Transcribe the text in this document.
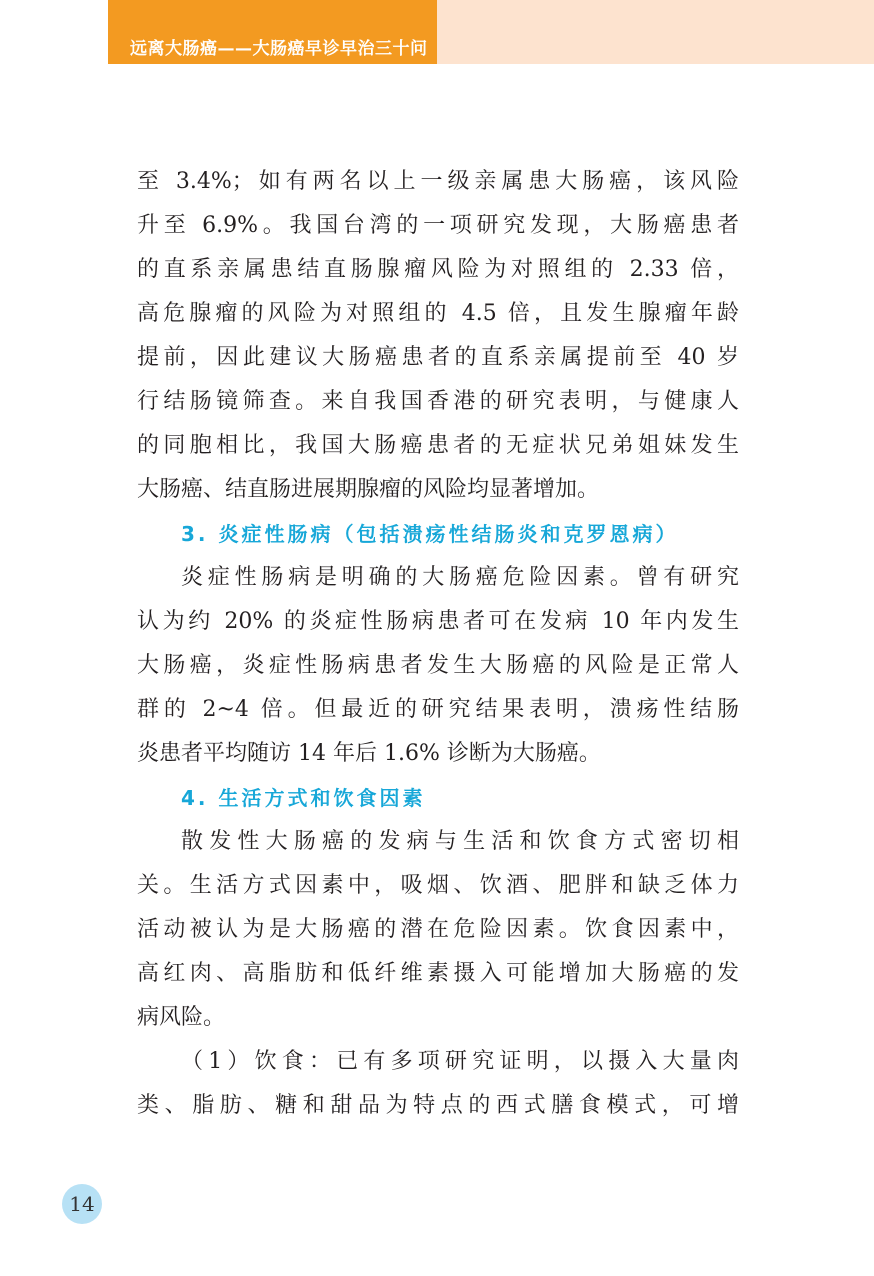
远离大肠癌——大肠癌早诊早治三十问
至 3.4%；如有两名以上一级亲属患大肠癌，该风险
升至 6.9%。我国台湾的一项研究发现，大肠癌患者
的直系亲属患结直肠腺瘤风险为对照组的 2.33 倍，
高危腺瘤的风险为对照组的 4.5 倍，且发生腺瘤年龄
提前，因此建议大肠癌患者的直系亲属提前至 40 岁
行结肠镜筛查。来自我国香港的研究表明，与健康人
的同胞相比，我国大肠癌患者的无症状兄弟姐妹发生
大肠癌、结直肠进展期腺瘤的风险均显著增加。
3. 炎症性肠病（包括溃疡性结肠炎和克罗恩病）
炎症性肠病是明确的大肠癌危险因素。曾有研究
认为约 20% 的炎症性肠病患者可在发病 10 年内发生
大肠癌，炎症性肠病患者发生大肠癌的风险是正常人
群的 2~4 倍。但最近的研究结果表明，溃疡性结肠
炎患者平均随访 14 年后 1.6% 诊断为大肠癌。
4. 生活方式和饮食因素
散发性大肠癌的发病与生活和饮食方式密切相
关。生活方式因素中，吸烟、饮酒、肥胖和缺乏体力
活动被认为是大肠癌的潜在危险因素。饮食因素中，
高红肉、高脂肪和低纤维素摄入可能增加大肠癌的发
病风险。
（1）饮食：已有多项研究证明，以摄入大量肉
类、脂肪、糖和甜品为特点的西式膳食模式，可增
14
